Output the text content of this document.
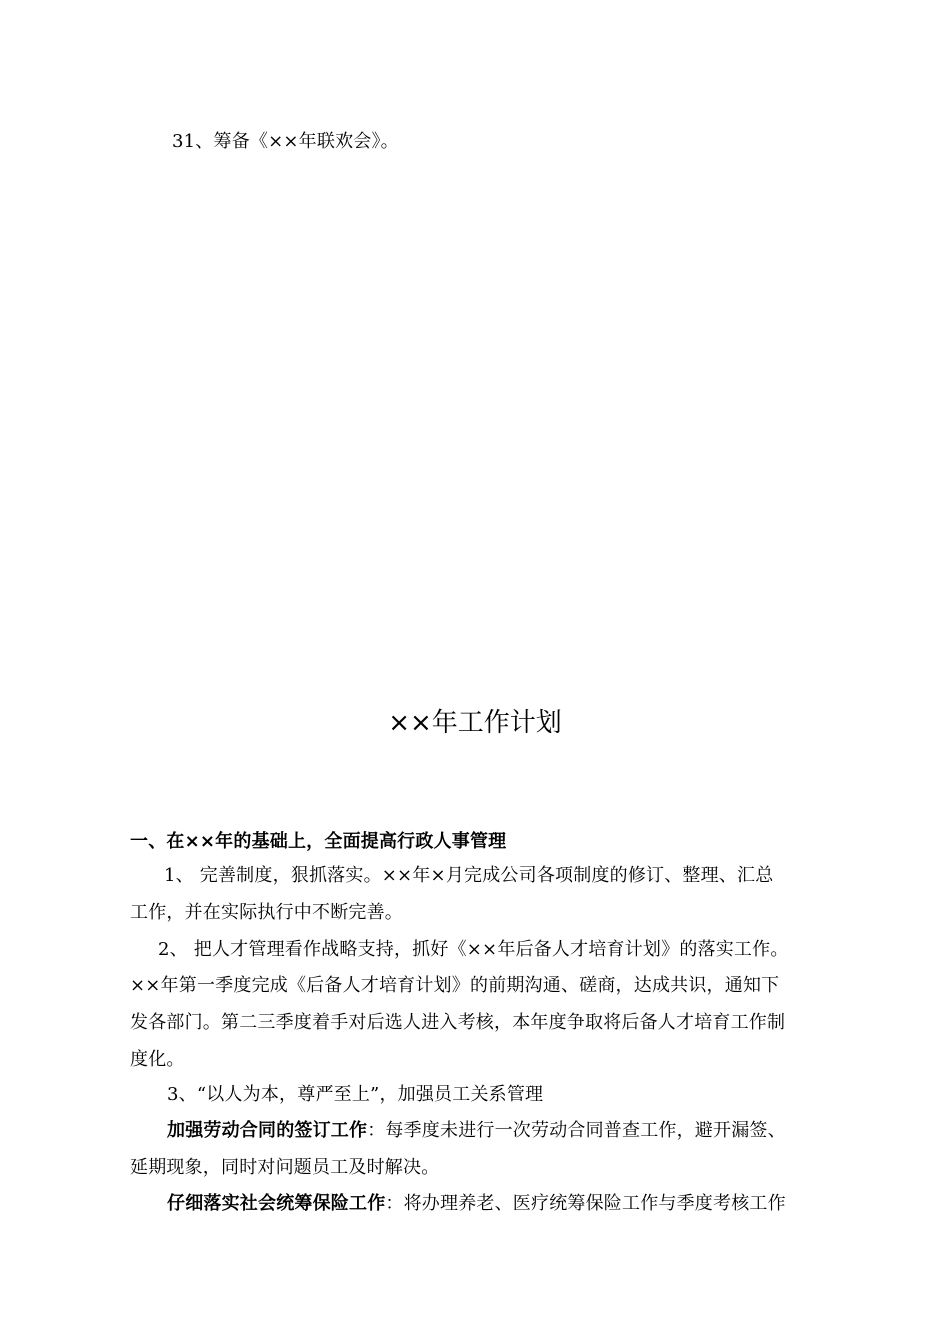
31、筹备《××年联欢会》。
××年工作计划
一、在××年的基础上，全面提高行政人事管理
1、 完善制度，狠抓落实。××年×月完成公司各项制度的修订、整理、汇总
工作，并在实际执行中不断完善。
2、 把人才管理看作战略支持，抓好《××年后备人才培育计划》的落实工作。
××年第一季度完成《后备人才培育计划》的前期沟通、磋商，达成共识，通知下
发各部门。第二三季度着手对后选人进入考核，本年度争取将后备人才培育工作制
度化。
3、“以人为本，尊严至上”，加强员工关系管理
加强劳动合同的签订工作：每季度未进行一次劳动合同普查工作，避开漏签、
延期现象，同时对问题员工及时解决。
仔细落实社会统筹保险工作：将办理养老、医疗统筹保险工作与季度考核工作
